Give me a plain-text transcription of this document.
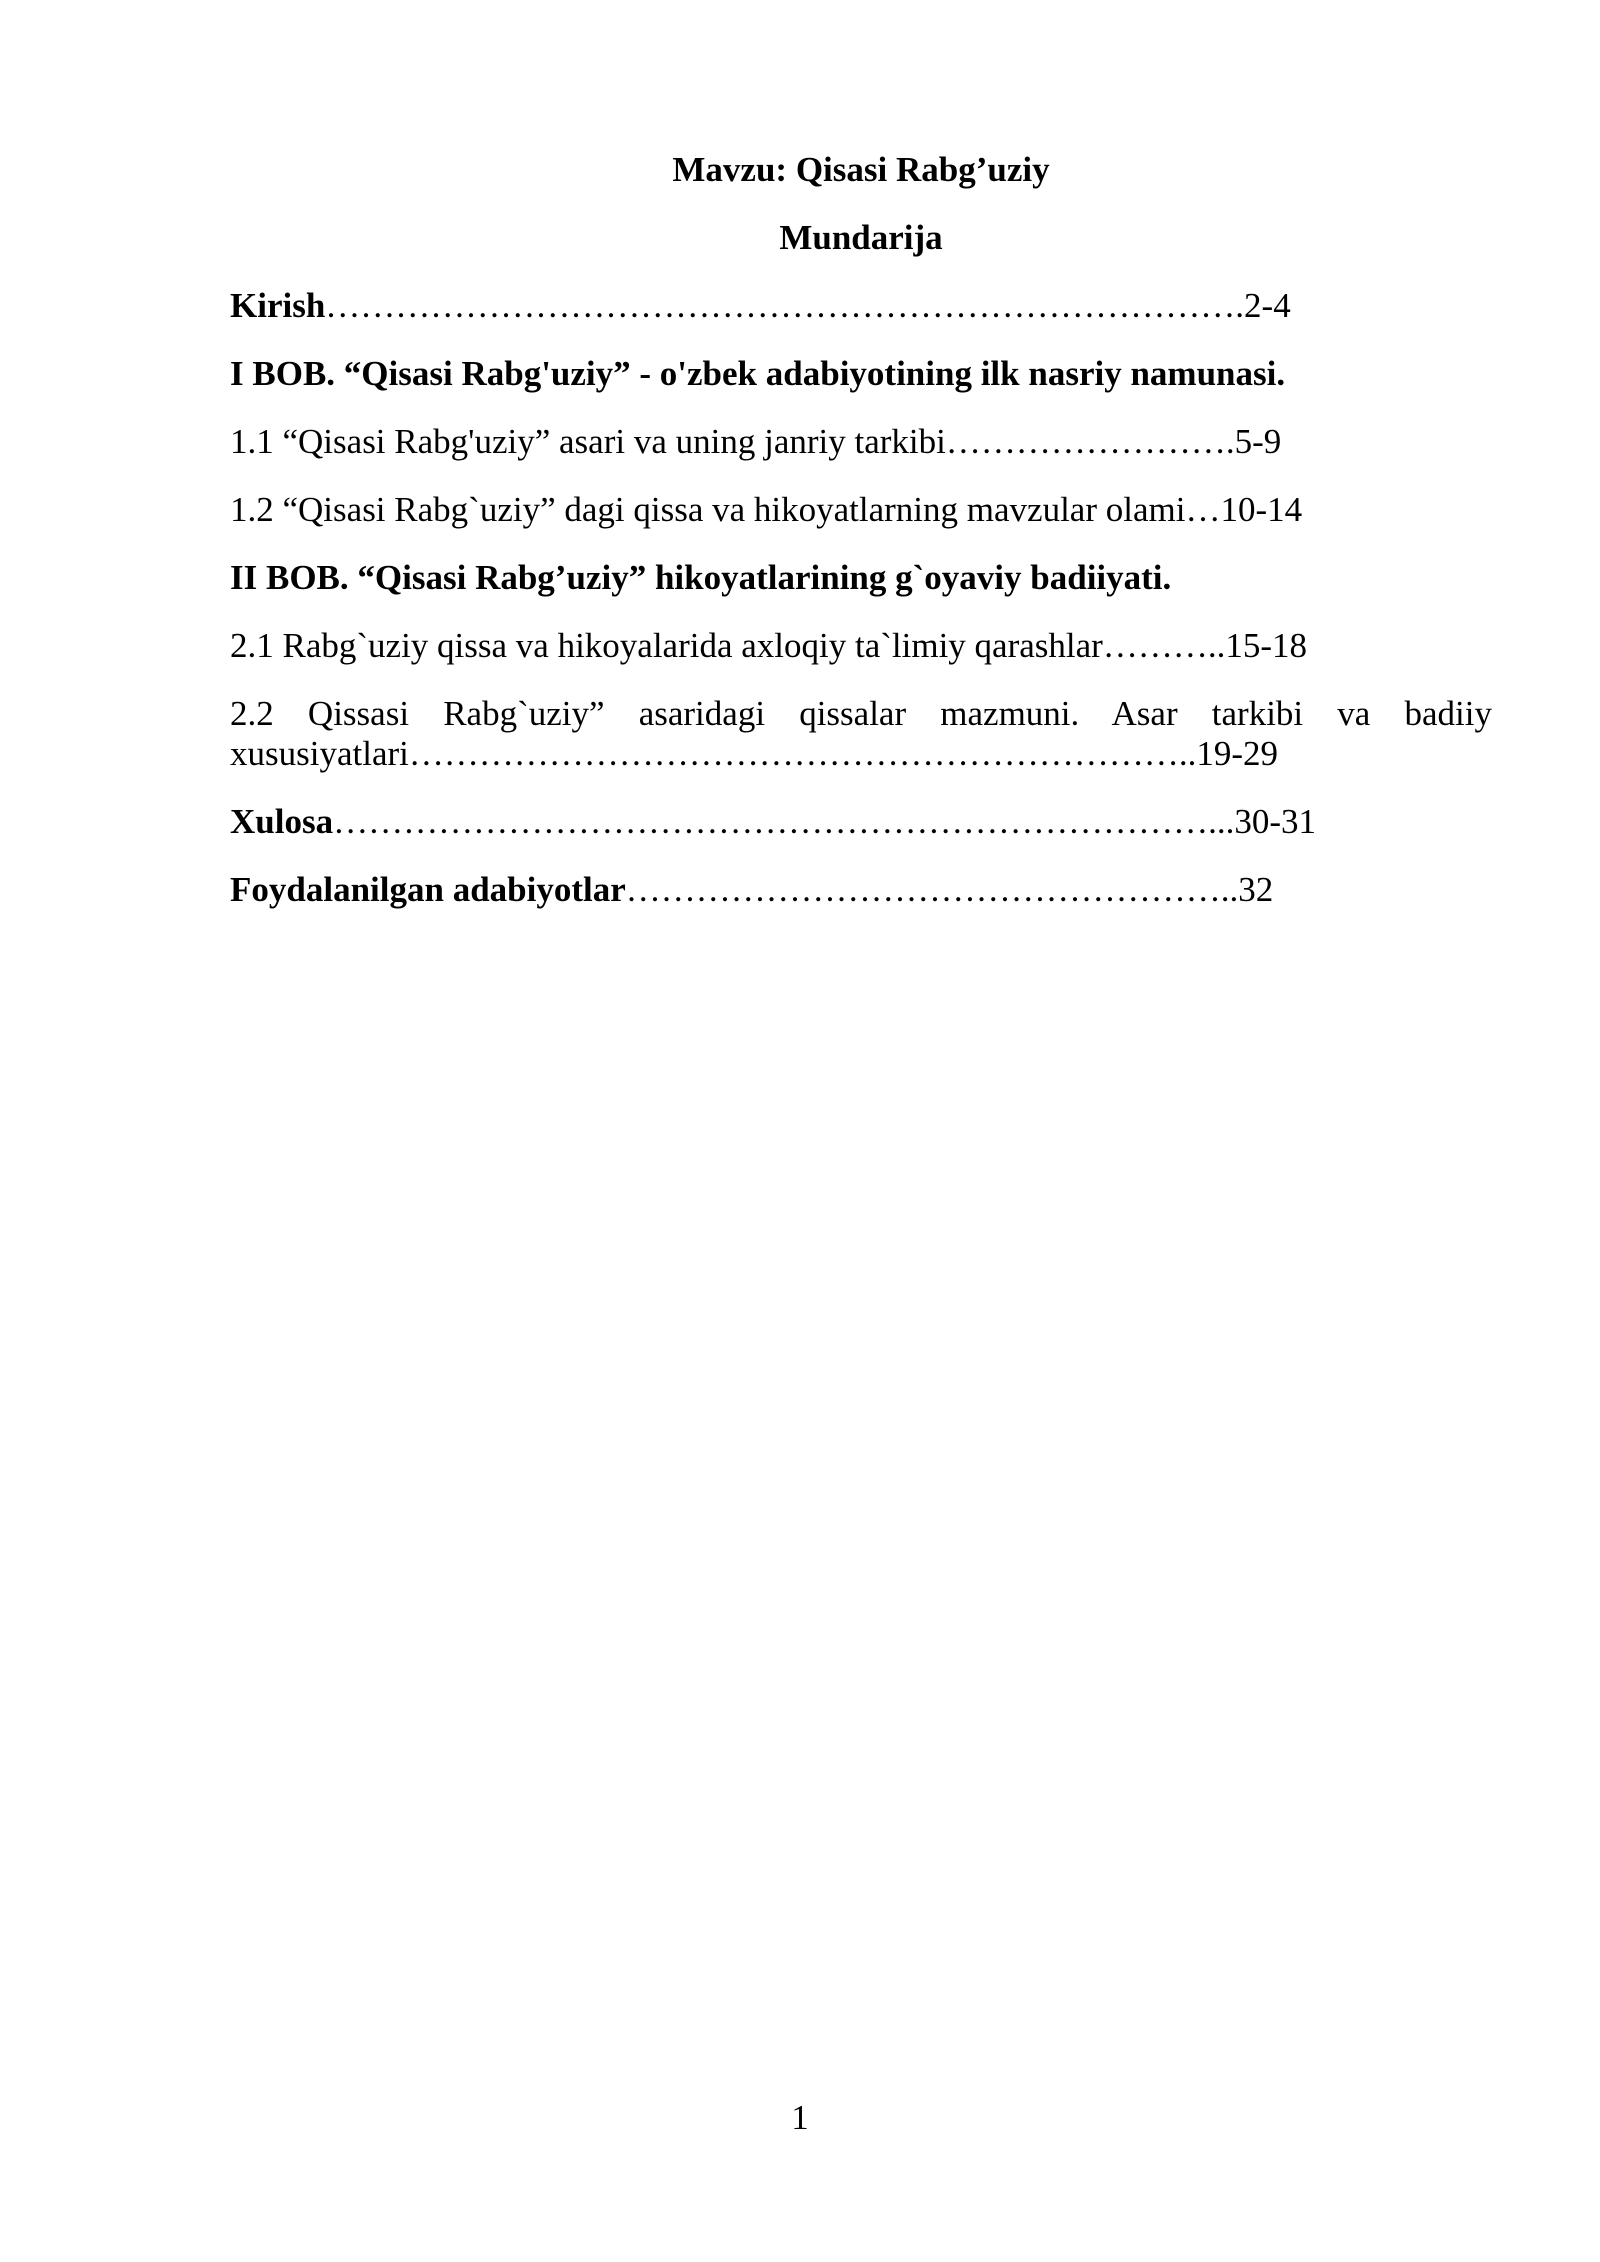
Mavzu: Qisasi Rabg’uziy
Mundarija
Kirish…………………………………………………………………….2-4
I BOB. “Qisasi Rabg'uziy” - o'zbek adabiyotining ilk nasriy namunasi.
1.1 “Qisasi Rabg'uziy” asari va uning janriy tarkibi…………………….5-9
1.2 “Qisasi Rabg`uziy” dagi qissa va hikoyatlarning mavzular olami…10-14
II BOB. “Qisasi Rabg’uziy” hikoyatlarining g`oyaviy badiiyati.
2.1 Rabg`uziy qissa va hikoyalarida axloqiy ta`limiy qarashlar………..15-18
2.2 Qissasi Rabg`uziy” asaridagi qissalar mazmuni. Asar tarkibi va badiiy xususiyatlari…………………………………………………………..19-29
Xulosa…………………………………………………………………...30-31
Foydalanilgan adabiyotlar……………………………………………..32
1
